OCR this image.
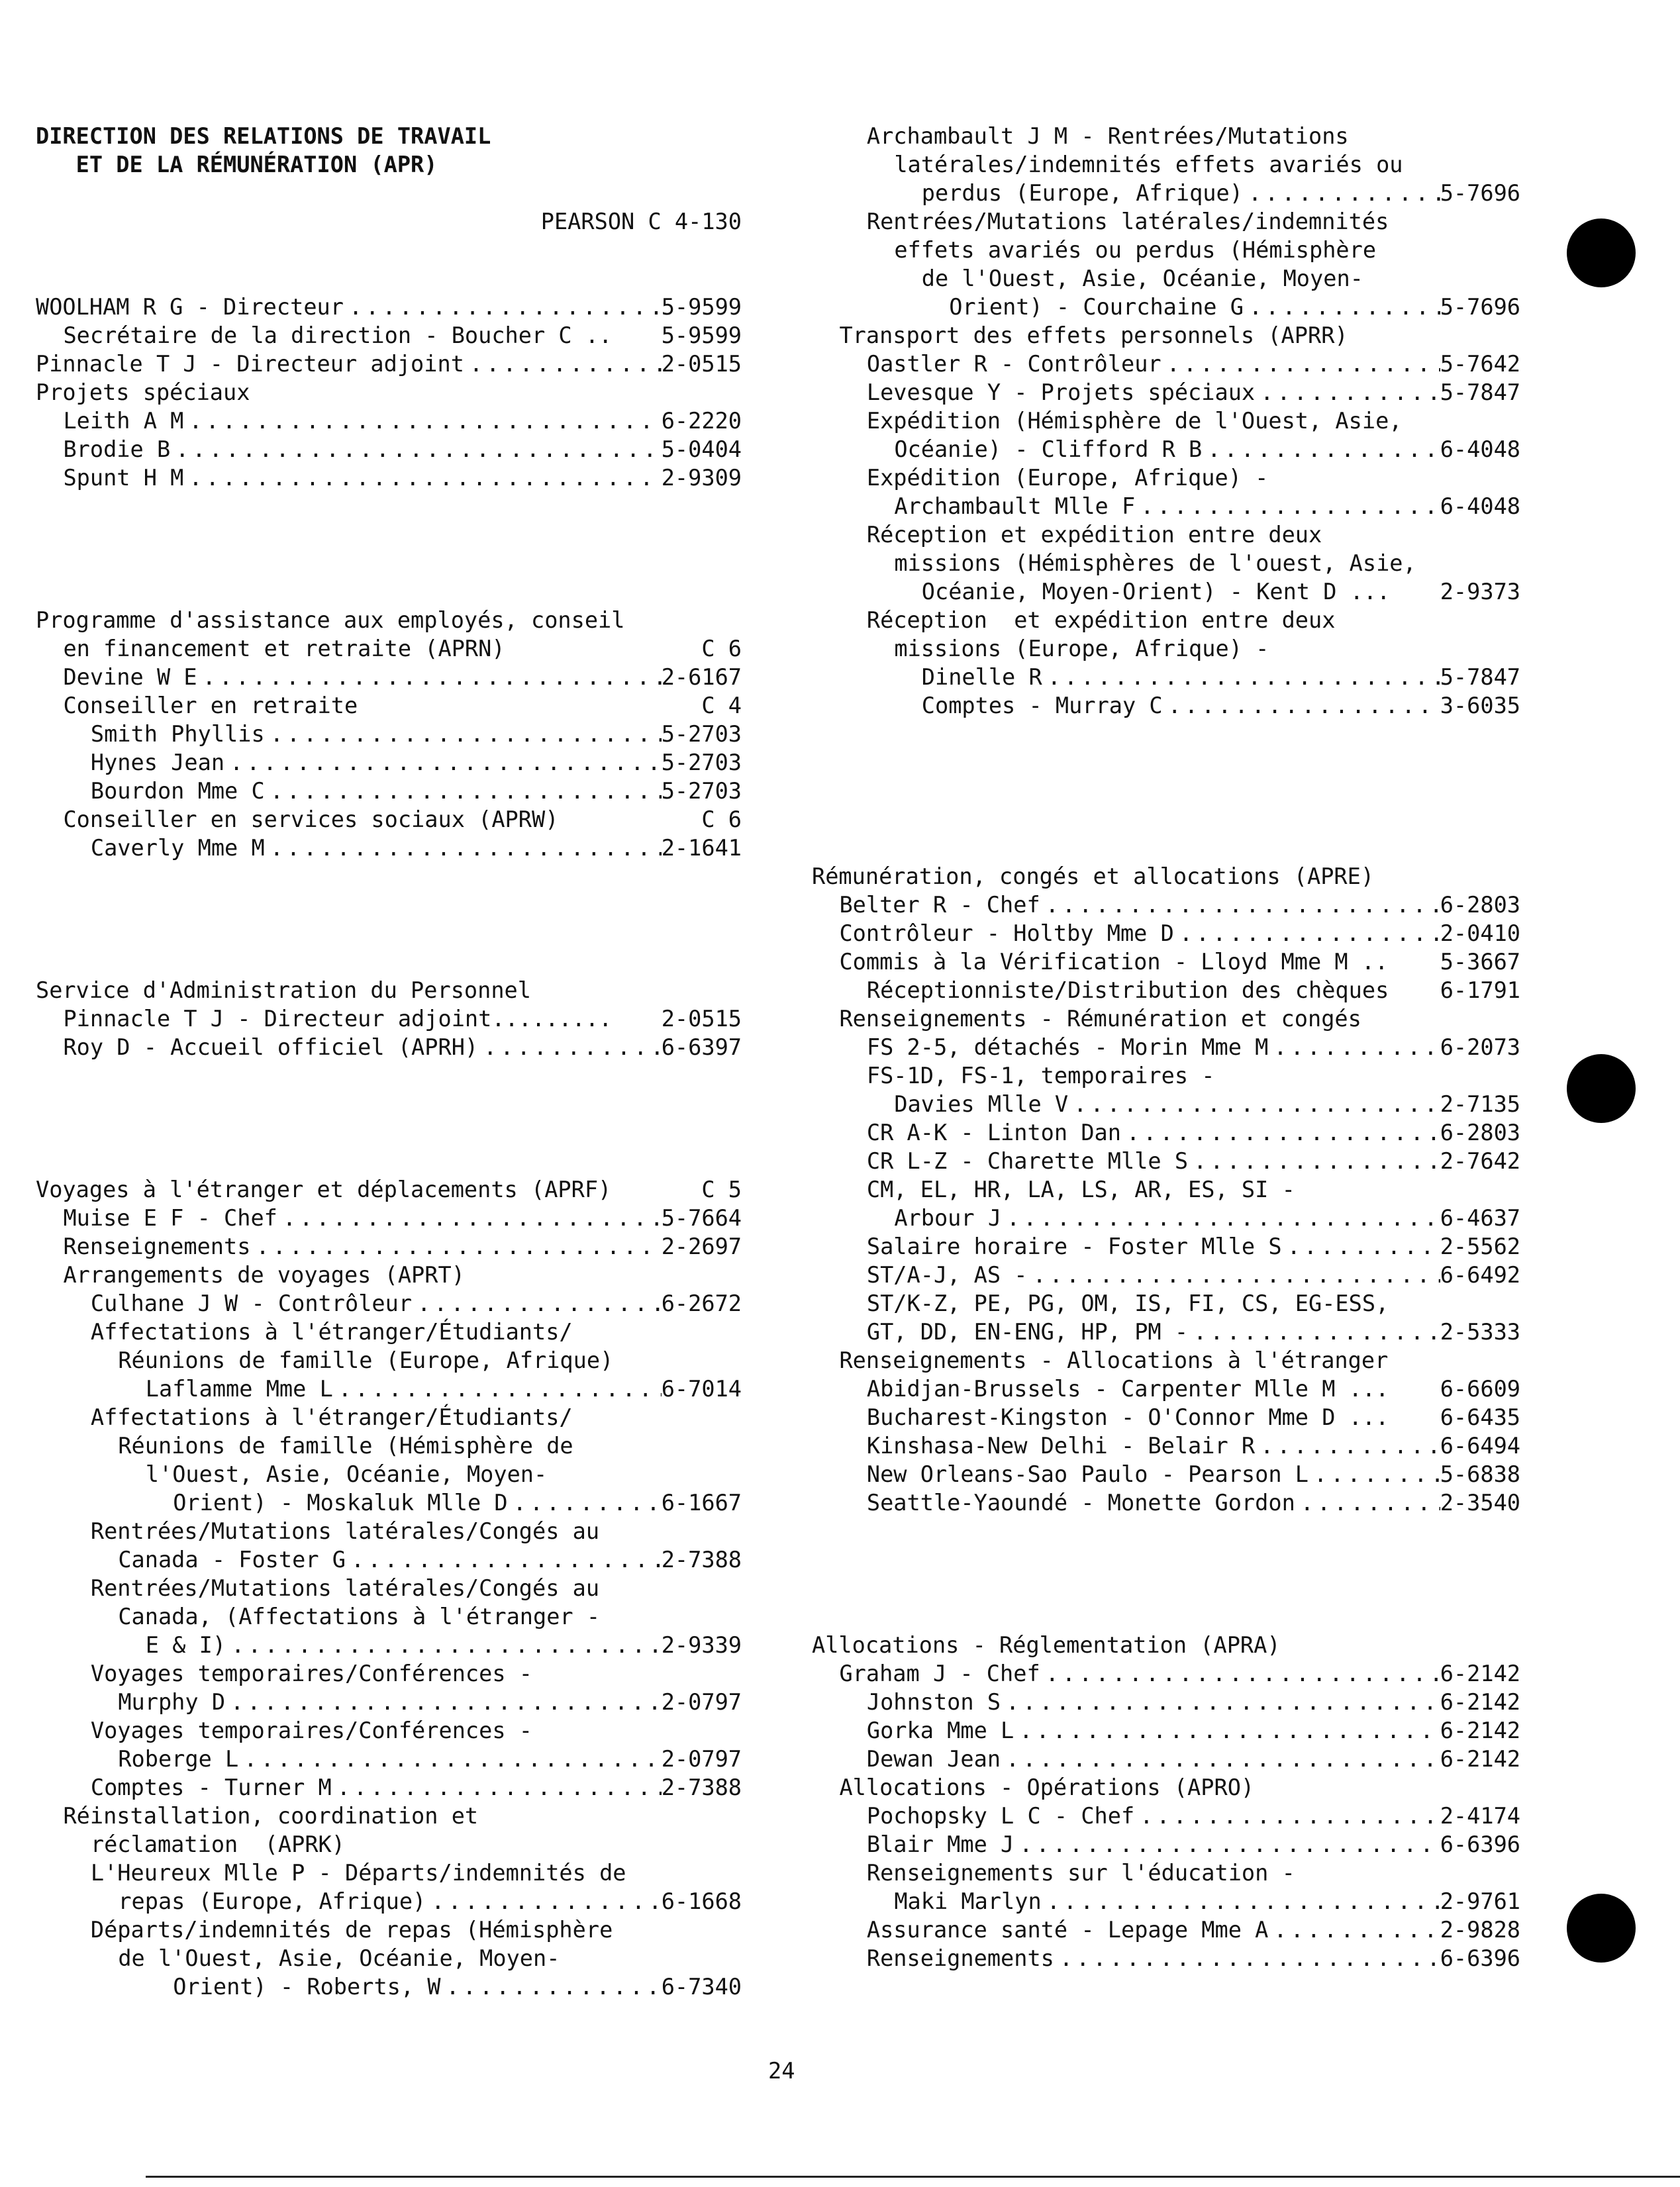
DIRECTION DES RELATIONS DE TRAVAIL
ET DE LA RÉMUNÉRATION (APR)
PEARSON C 4-130
WOOLHAM R G - Directeur .....	5-9599
Secrétaire de la direction - Boucher C .. 5-9599
Pinnacle T J - Directeur adjoint .....	2-0515
Projets spéciaux
Leith A M .....	6-2220
Brodie B .....	5-0404
Spunt H M .....	2-9309
Programme d'assistance aux employés, conseil
en financement et retraite (APRN)	C 6
Devine W E .....	2-6167
Conseiller en retraite	C 4
Smith Phyllis .....	5-2703
Hynes Jean .....	5-2703
Bourdon Mme C .....	5-2703
Conseiller en services sociaux (APRW)	C 6
Caverly Mme M .....	2-1641
Service d'Administration du Personnel
Pinnacle T J - Directeur adjoint......... 2-0515
Roy D - Accueil officiel (APRH) .....	6-6397
Voyages à l'étranger et déplacements (APRF)	C 5
Muise E F - Chef .....	5-7664
Renseignements .....	2-2697
Arrangements de voyages (APRT)
Culhane J W - Contrôleur .....	6-2672
Affectations à l'étranger/Étudiants/
Réunions de famille (Europe, Afrique)
Laflamme Mme L .....	6-7014
Affectations à l'étranger/Étudiants/
Réunions de famille (Hémisphère de
l'Ouest, Asie, Océanie, Moyen-
Orient) - Moskaluk Mlle D .....	6-1667
Rentrées/Mutations latérales/Congés au
Canada - Foster G .....	2-7388
Rentrées/Mutations latérales/Congés au
Canada, (Affectations à l'étranger -
E & I) .....	2-9339
Voyages temporaires/Conférences -
Murphy D .....	2-0797
Voyages temporaires/Conférences -
Roberge L .....	2-0797
Comptes - Turner M .....	2-7388
Réinstallation, coordination et
réclamation  (APRK)
L'Heureux Mlle P - Départs/indemnités de
repas (Europe, Afrique) .....	6-1668
Départs/indemnités de repas (Hémisphère
de l'Ouest, Asie, Océanie, Moyen-
Orient) - Roberts, W .....	6-7340
Archambault J M - Rentrées/Mutations
latérales/indemnités effets avariés ou
perdus (Europe, Afrique) .....	5-7696
Rentrées/Mutations latérales/indemnités
effets avariés ou perdus (Hémisphère
de l'Ouest, Asie, Océanie, Moyen-
Orient) - Courchaine G .....	5-7696
Transport des effets personnels (APRR)
Oastler R - Contrôleur .....	5-7642
Levesque Y - Projets spéciaux .....	5-7847
Expédition (Hémisphère de l'Ouest, Asie,
Océanie) - Clifford R B .....	6-4048
Expédition (Europe, Afrique) -
Archambault Mlle F .....	6-4048
Réception et expédition entre deux
missions (Hémisphères de l'ouest, Asie,
Océanie, Moyen-Orient) - Kent D ... 2-9373
Réception  et expédition entre deux
missions (Europe, Afrique) -
Dinelle R .....	5-7847
Comptes - Murray C .....	3-6035
Rémunération, congés et allocations (APRE)
Belter R - Chef .....	6-2803
Contrôleur - Holtby Mme D .....	2-0410
Commis à la Vérification - Lloyd Mme M .. 5-3667
Réceptionniste/Distribution des chèques 6-1791
Renseignements - Rémunération et congés
FS 2-5, détachés - Morin Mme M .....	6-2073
FS-1D, FS-1, temporaires -
Davies Mlle V .....	2-7135
CR A-K - Linton Dan .....	6-2803
CR L-Z - Charette Mlle S .....	2-7642
CM, EL, HR, LA, LS, AR, ES, SI -
Arbour J .....	6-4637
Salaire horaire - Foster Mlle S .....	2-5562
ST/A-J, AS - .....	6-6492
ST/K-Z, PE, PG, OM, IS, FI, CS, EG-ESS,
GT, DD, EN-ENG, HP, PM - .....	2-5333
Renseignements - Allocations à l'étranger
Abidjan-Brussels - Carpenter Mlle M ... 6-6609
Bucharest-Kingston - O'Connor Mme D ... 6-6435
Kinshasa-New Delhi - Belair R .....	6-6494
New Orleans-Sao Paulo - Pearson L .....	5-6838
Seattle-Yaoundé - Monette Gordon .....	2-3540
Allocations - Réglementation (APRA)
Graham J - Chef .....	6-2142
Johnston S .....	6-2142
Gorka Mme L .....	6-2142
Dewan Jean .....	6-2142
Allocations - Opérations (APRO)
Pochopsky L C - Chef .....	2-4174
Blair Mme J .....	6-6396
Renseignements sur l'éducation -
Maki Marlyn .....	2-9761
Assurance santé - Lepage Mme A .....	2-9828
Renseignements .....	6-6396
24
